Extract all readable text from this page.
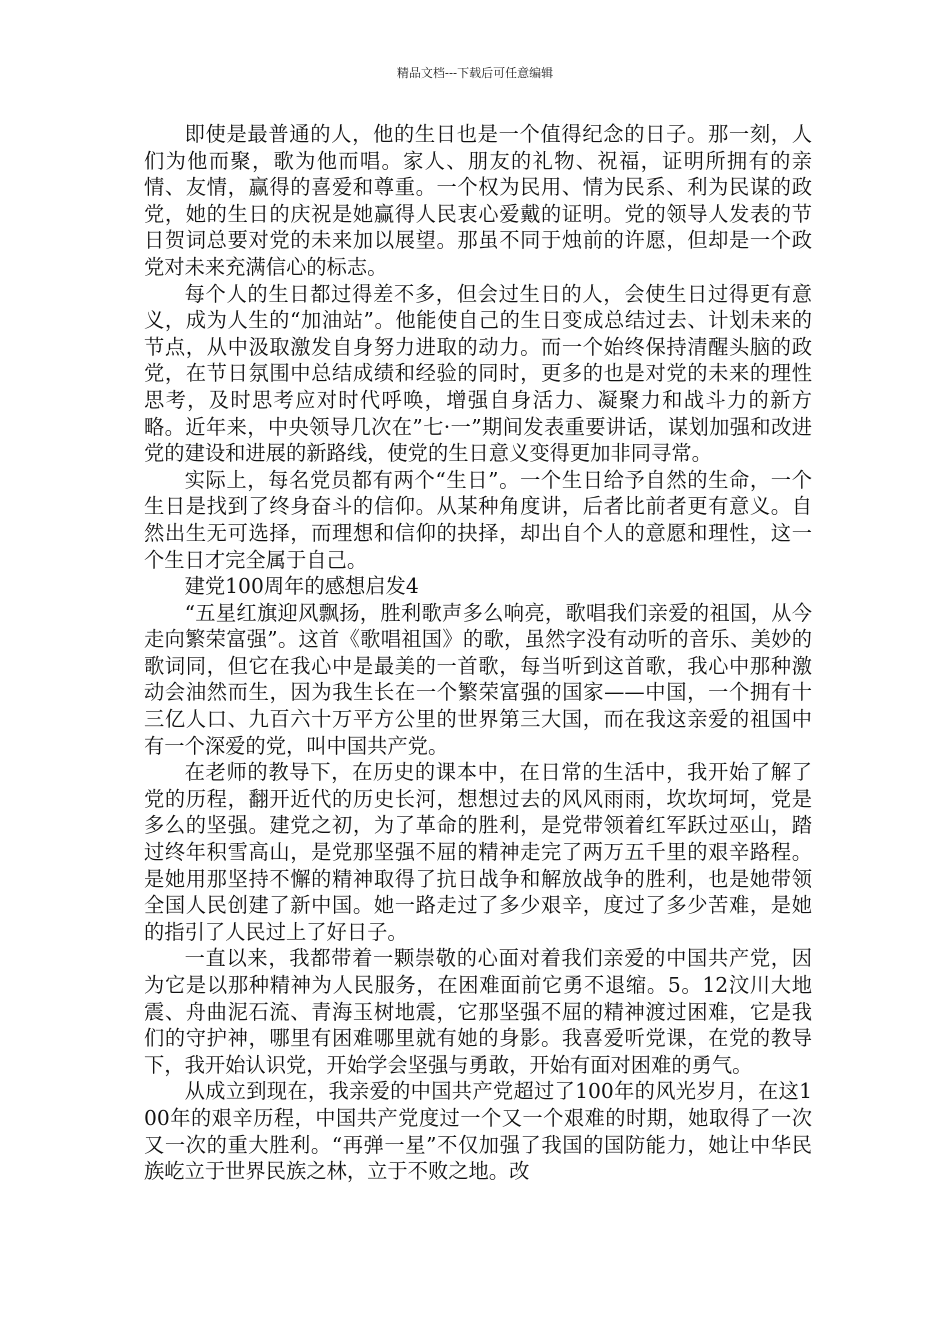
精品文档---下载后可任意编辑

即使是最普通的人，他的生日也是一个值得纪念的日子。那一刻，人们为他而聚，歌为他而唱。家人、朋友的礼物、祝福，证明所拥有的亲情、友情，赢得的喜爱和尊重。一个权为民用、情为民系、利为民谋的政党，她的生日的庆祝是她赢得人民衷心爱戴的证明。党的领导人发表的节日贺词总要对党的未来加以展望。那虽不同于烛前的许愿，但却是一个政党对未来充满信心的标志。

每个人的生日都过得差不多，但会过生日的人，会使生日过得更有意义，成为人生的“加油站”。他能使自己的生日变成总结过去、计划未来的节点，从中汲取激发自身努力进取的动力。而一个始终保持清醒头脑的政党，在节日氛围中总结成绩和经验的同时，更多的也是对党的未来的理性思考，及时思考应对时代呼唤，增强自身活力、凝聚力和战斗力的新方略。近年来，中央领导几次在”七·一”期间发表重要讲话，谋划加强和改进党的建设和进展的新路线，使党的生日意义变得更加非同寻常。

实际上，每名党员都有两个“生日”。一个生日给予自然的生命，一个生日是找到了终身奋斗的信仰。从某种角度讲，后者比前者更有意义。自然出生无可选择，而理想和信仰的抉择，却出自个人的意愿和理性，这一个生日才完全属于自己。

建党100周年的感想启发4

“五星红旗迎风飘扬，胜利歌声多么响亮，歌唱我们亲爱的祖国，从今走向繁荣富强”。这首《歌唱祖国》的歌，虽然字没有动听的音乐、美妙的歌词同，但它在我心中是最美的一首歌，每当听到这首歌，我心中那种激动会油然而生，因为我生长在一个繁荣富强的国家——中国，一个拥有十三亿人口、九百六十万平方公里的世界第三大国，而在我这亲爱的祖国中有一个深爱的党，叫中国共产党。

在老师的教导下，在历史的课本中，在日常的生活中，我开始了解了党的历程，翻开近代的历史长河，想想过去的风风雨雨，坎坎坷坷，党是多么的坚强。建党之初，为了革命的胜利，是党带领着红军跃过巫山，踏过终年积雪高山，是党那坚强不屈的精神走完了两万五千里的艰辛路程。是她用那坚持不懈的精神取得了抗日战争和解放战争的胜利，也是她带领全国人民创建了新中国。她一路走过了多少艰辛，度过了多少苦难，是她的指引了人民过上了好日子。

一直以来，我都带着一颗崇敬的心面对着我们亲爱的中国共产党，因为它是以那种精神为人民服务，在困难面前它勇不退缩。5。12汶川大地震、舟曲泥石流、青海玉树地震，它那坚强不屈的精神渡过困难，它是我们的守护神，哪里有困难哪里就有她的身影。我喜爱听党课，在党的教导下，我开始认识党，开始学会坚强与勇敢，开始有面对困难的勇气。

从成立到现在，我亲爱的中国共产党超过了100年的风光岁月，在这100年的艰辛历程，中国共产党度过一个又一个艰难的时期，她取得了一次又一次的重大胜利。“再弹一星”不仅加强了我国的国防能力，她让中华民族屹立于世界民族之林，立于不败之地。改
